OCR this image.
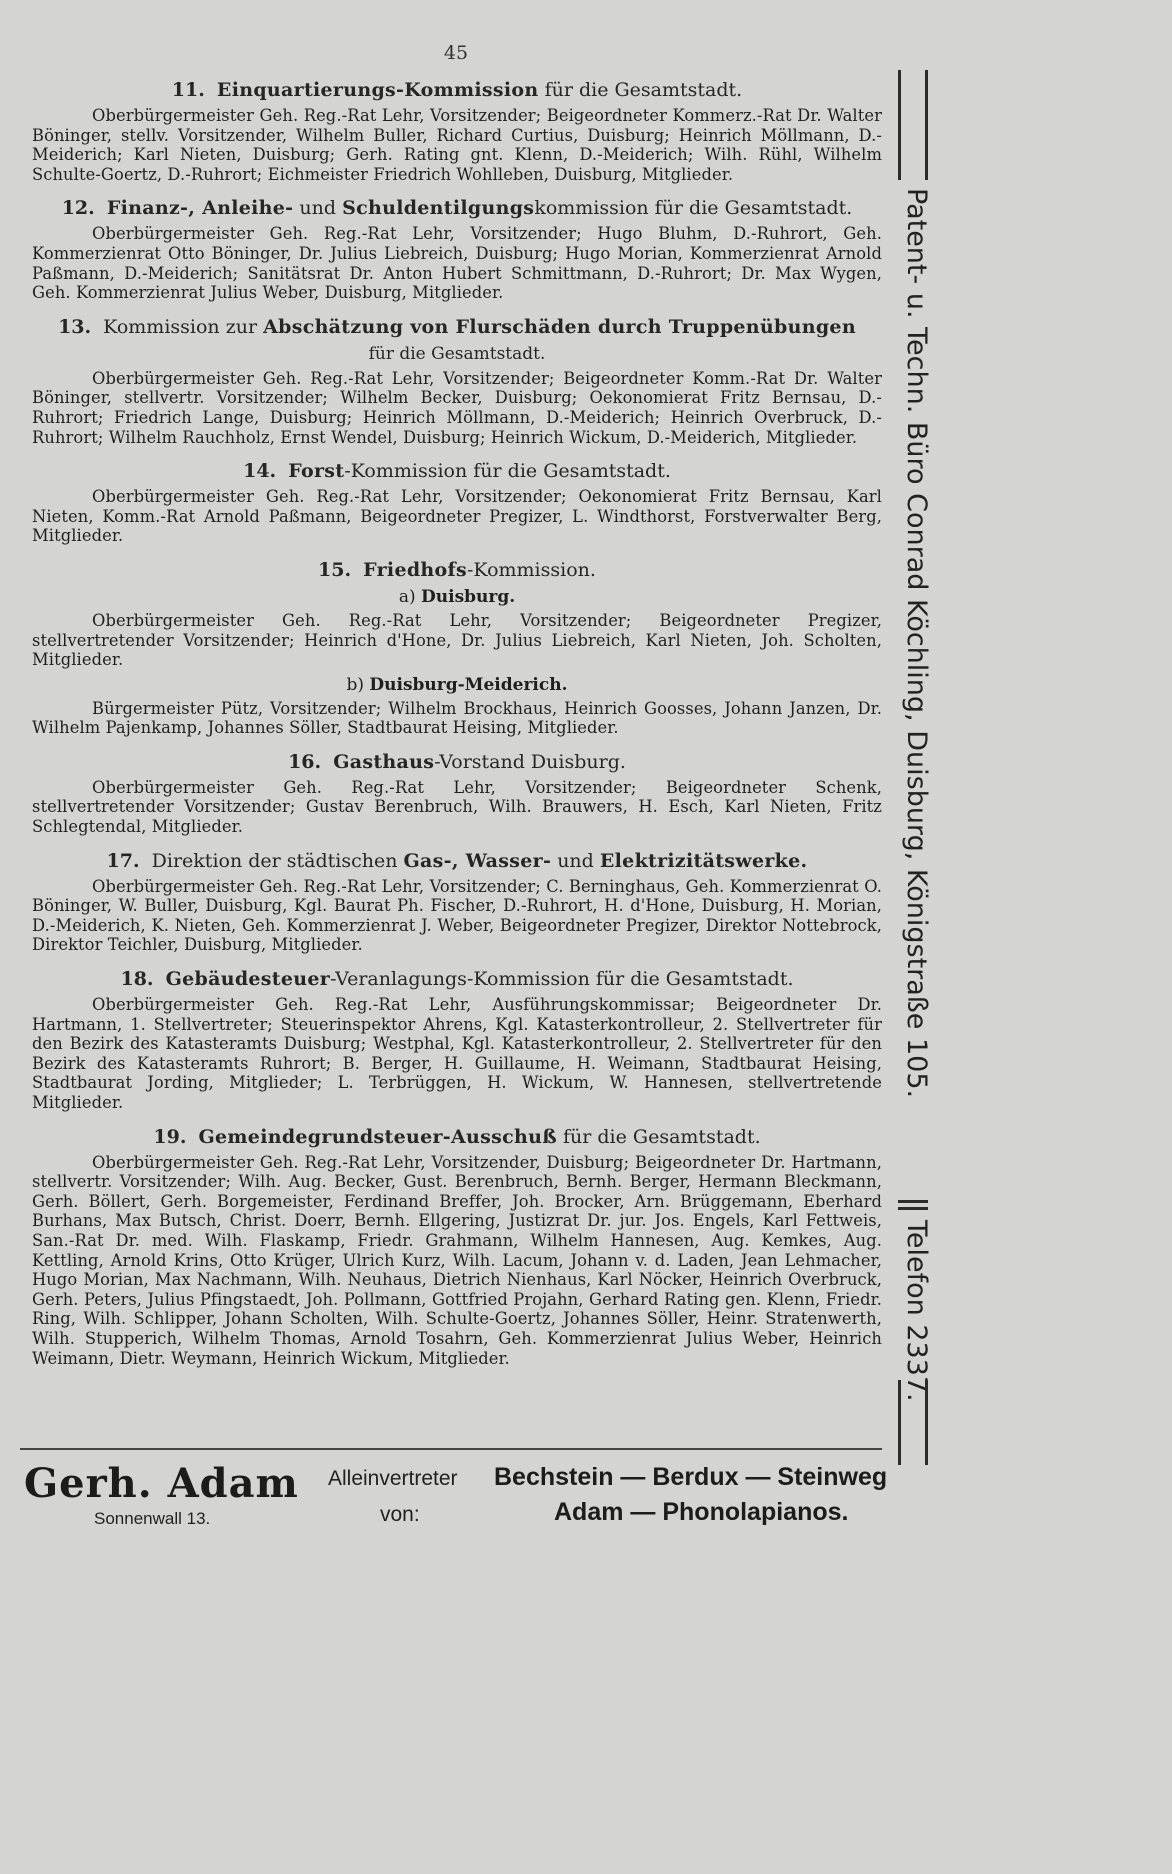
45

11. Einquartierungs-Kommission für die Gesamtstadt.

Oberbürgermeister Geh. Reg.-Rat Lehr, Vorsitzender; Beigeordneter Kommerz.-Rat Dr. Walter Böninger, stellv. Vorsitzender, Wilhelm Buller, Richard Curtius, Duisburg; Heinrich Möllmann, D.-Meiderich; Karl Nieten, Duisburg; Gerh. Rating gnt. Klenn, D.-Meiderich; Wilh. Rühl, Wilhelm Schulte-Goertz, D.-Ruhrort; Eichmeister Friedrich Wohlleben, Duisburg, Mitglieder.

12. Finanz-, Anleihe- und Schuldentilgungskommission für die Gesamtstadt.

Oberbürgermeister Geh. Reg.-Rat Lehr, Vorsitzender; Hugo Bluhm, D.-Ruhrort, Geh. Kommerzienrat Otto Böninger, Dr. Julius Liebreich, Duisburg; Hugo Morian, Kommerzienrat Arnold Paßmann, D.-Meiderich; Sanitätsrat Dr. Anton Hubert Schmittmann, D.-Ruhrort; Dr. Max Wygen, Geh. Kommerzienrat Julius Weber, Duisburg, Mitglieder.

13. Kommission zur Abschätzung von Flurschäden durch Truppenübungen

für die Gesamtstadt.

Oberbürgermeister Geh. Reg.-Rat Lehr, Vorsitzender; Beigeordneter Komm.-Rat Dr. Walter Böninger, stellvertr. Vorsitzender; Wilhelm Becker, Duisburg; Oekonomierat Fritz Bernsau, D.-Ruhrort; Friedrich Lange, Duisburg; Heinrich Möllmann, D.-Meiderich; Heinrich Overbruck, D.-Ruhrort; Wilhelm Rauchholz, Ernst Wendel, Duisburg; Heinrich Wickum, D.-Meiderich, Mitglieder.

14. Forst-Kommission für die Gesamtstadt.

Oberbürgermeister Geh. Reg.-Rat Lehr, Vorsitzender; Oekonomierat Fritz Bernsau, Karl Nieten, Komm.-Rat Arnold Paßmann, Beigeordneter Pregizer, L. Windthorst, Forstverwalter Berg, Mitglieder.

15. Friedhofs-Kommission.

a) Duisburg.

Oberbürgermeister Geh. Reg.-Rat Lehr, Vorsitzender; Beigeordneter Pregizer, stellvertretender Vorsitzender; Heinrich d'Hone, Dr. Julius Liebreich, Karl Nieten, Joh. Scholten, Mitglieder.

b) Duisburg-Meiderich.

Bürgermeister Pütz, Vorsitzender; Wilhelm Brockhaus, Heinrich Goosses, Johann Janzen, Dr. Wilhelm Pajenkamp, Johannes Söller, Stadtbaurat Heising, Mitglieder.

16. Gasthaus-Vorstand Duisburg.

Oberbürgermeister Geh. Reg.-Rat Lehr, Vorsitzender; Beigeordneter Schenk, stellvertretender Vorsitzender; Gustav Berenbruch, Wilh. Brauwers, H. Esch, Karl Nieten, Fritz Schlegtendal, Mitglieder.

17. Direktion der städtischen Gas-, Wasser- und Elektrizitätswerke.

Oberbürgermeister Geh. Reg.-Rat Lehr, Vorsitzender; C. Berninghaus, Geh. Kommerzienrat O. Böninger, W. Buller, Duisburg, Kgl. Baurat Ph. Fischer, D.-Ruhrort, H. d'Hone, Duisburg, H. Morian, D.-Meiderich, K. Nieten, Geh. Kommerzienrat J. Weber, Beigeordneter Pregizer, Direktor Nottebrock, Direktor Teichler, Duisburg, Mitglieder.

18. Gebäudesteuer-Veranlagungs-Kommission für die Gesamtstadt.

Oberbürgermeister Geh. Reg.-Rat Lehr, Ausführungskommissar; Beigeordneter Dr. Hartmann, 1. Stellvertreter; Steuerinspektor Ahrens, Kgl. Katasterkontrolleur, 2. Stellvertreter für den Bezirk des Katasteramts Duisburg; Westphal, Kgl. Katasterkontrolleur, 2. Stellvertreter für den Bezirk des Katasteramts Ruhrort; B. Berger, H. Guillaume, H. Weimann, Stadtbaurat Heising, Stadtbaurat Jording, Mitglieder; L. Terbrüggen, H. Wickum, W. Hannesen, stellvertretende Mitglieder.

19. Gemeindegrundsteuer-Ausschuß für die Gesamtstadt.

Oberbürgermeister Geh. Reg.-Rat Lehr, Vorsitzender, Duisburg; Beigeordneter Dr. Hartmann, stellvertr. Vorsitzender; Wilh. Aug. Becker, Gust. Berenbruch, Bernh. Berger, Hermann Bleckmann, Gerh. Böllert, Gerh. Borgemeister, Ferdinand Breffer, Joh. Brocker, Arn. Brüggemann, Eberhard Burhans, Max Butsch, Christ. Doerr, Bernh. Ellgering, Justizrat Dr. jur. Jos. Engels, Karl Fettweis, San.-Rat Dr. med. Wilh. Flaskamp, Friedr. Grahmann, Wilhelm Hannesen, Aug. Kemkes, Aug. Kettling, Arnold Krins, Otto Krüger, Ulrich Kurz, Wilh. Lacum, Johann v. d. Laden, Jean Lehmacher, Hugo Morian, Max Nachmann, Wilh. Neuhaus, Dietrich Nienhaus, Karl Nöcker, Heinrich Overbruck, Gerh. Peters, Julius Pfingstaedt, Joh. Pollmann, Gottfried Projahn, Gerhard Rating gen. Klenn, Friedr. Ring, Wilh. Schlipper, Johann Scholten, Wilh. Schulte-Goertz, Johannes Söller, Heinr. Stratenwerth, Wilh. Stupperich, Wilhelm Thomas, Arnold Tosahrn, Geh. Kommerzienrat Julius Weber, Heinrich Weimann, Dietr. Weymann, Heinrich Wickum, Mitglieder.

Patent- u. Techn. Büro Conrad Köchling, Duisburg, Königstraße 105.
Telefon 2337.
Gerh. Adam
Sonnenwall 13.
Alleinvertreter
von:
Bechstein — Berdux — Steinweg
Adam — Phonolapianos.
